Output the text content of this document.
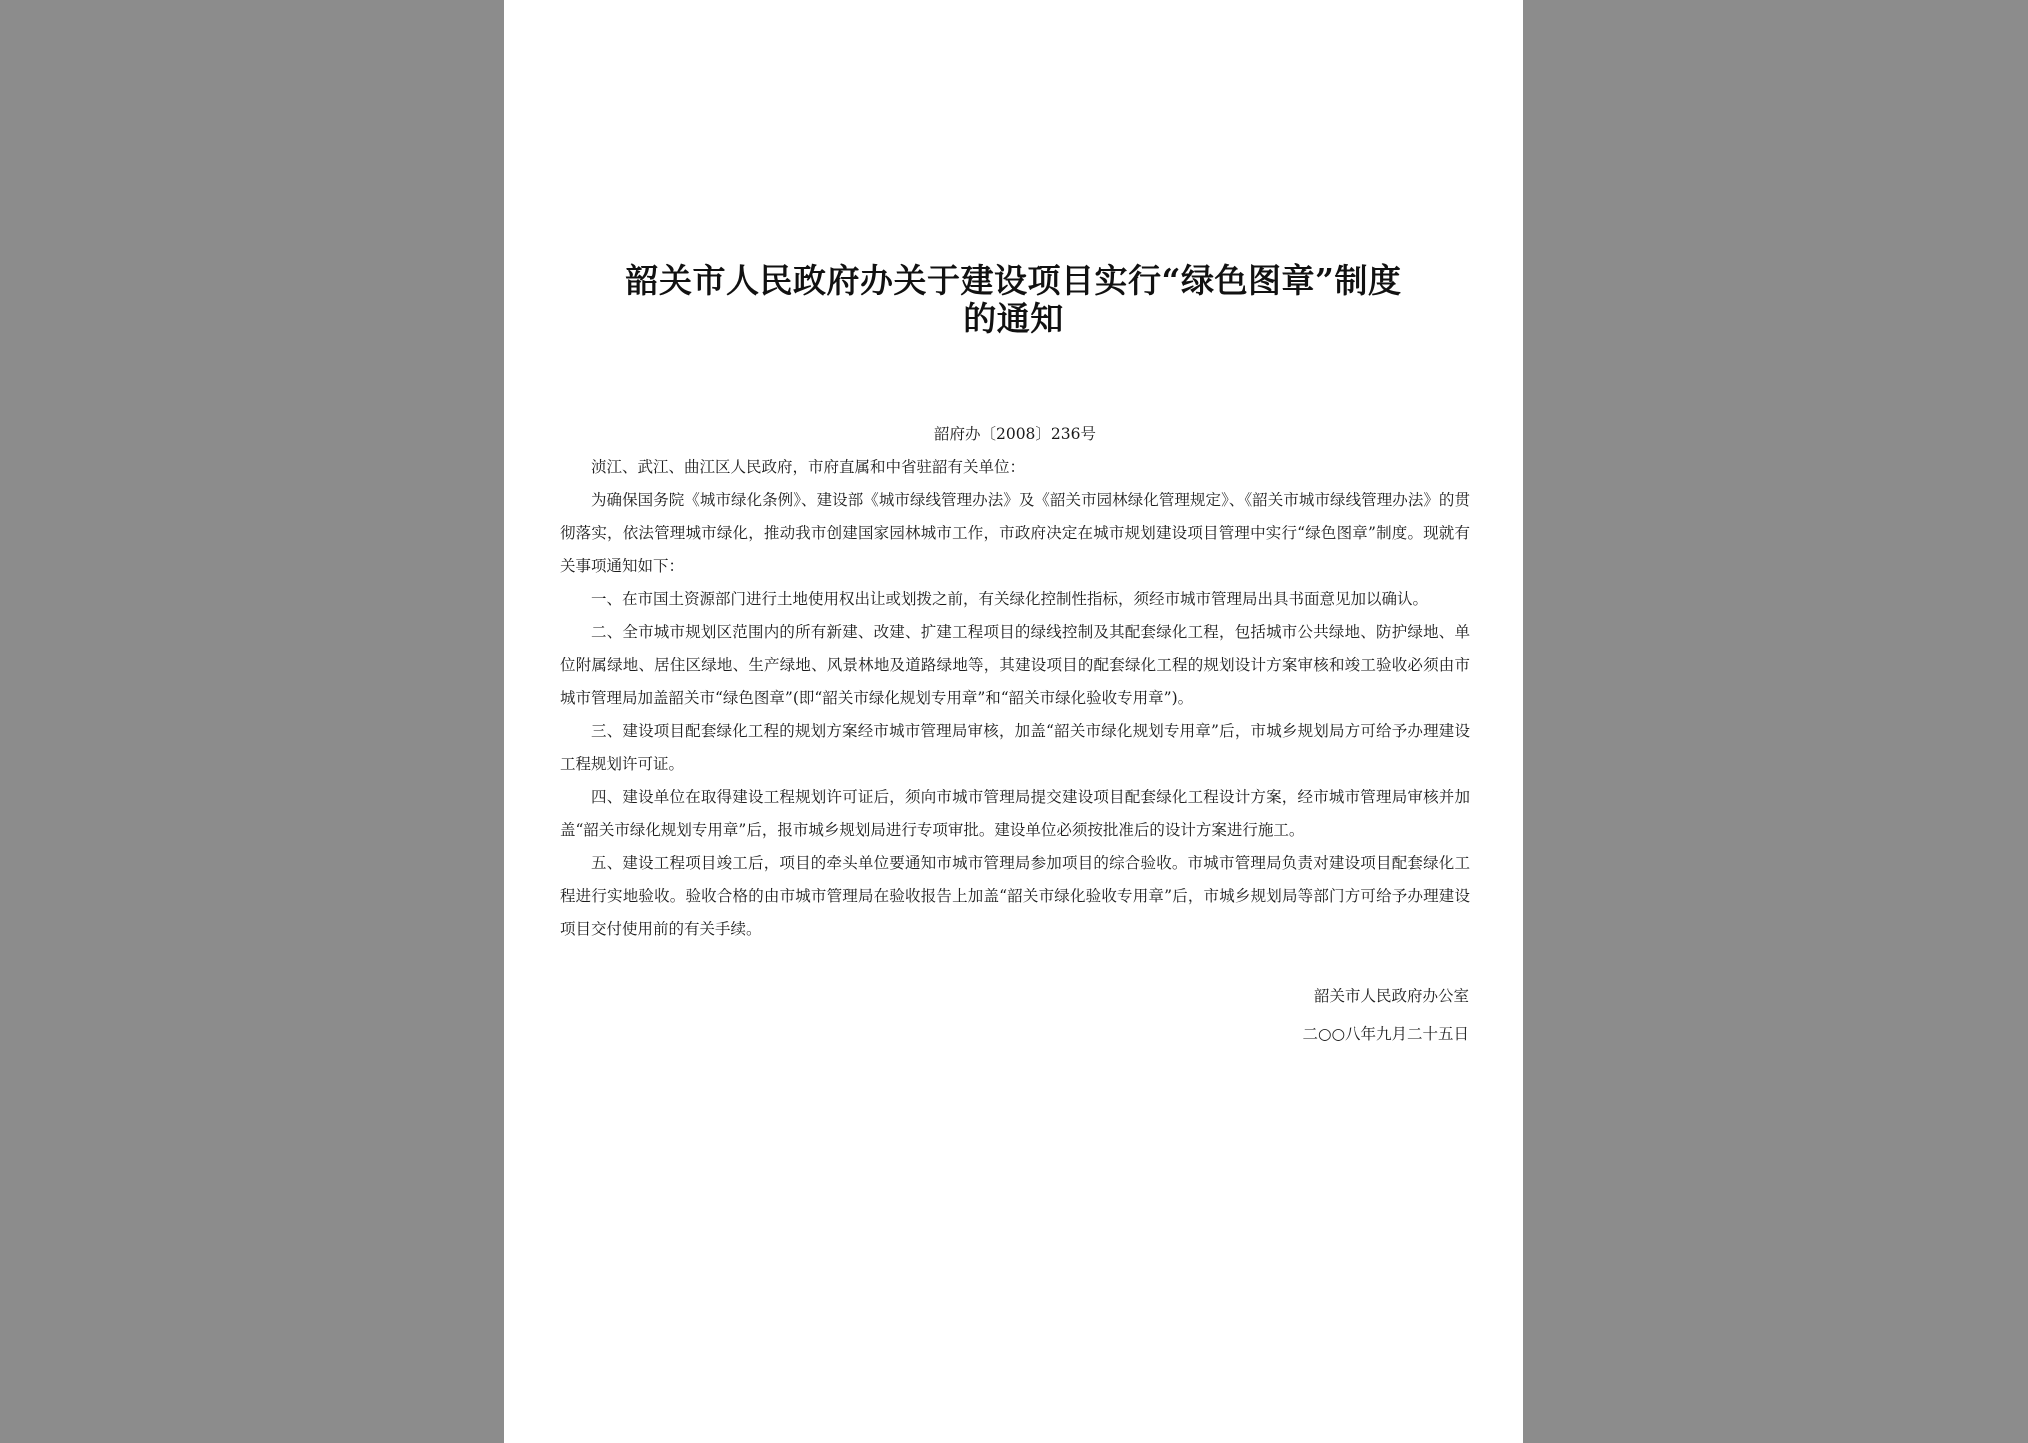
韶关市人民政府办关于建设项目实行“绿色图章”制度
的通知

韶府办〔2008〕236号

浈江、武江、曲江区人民政府，市府直属和中省驻韶有关单位：

为确保国务院《城市绿化条例》、建设部《城市绿线管理办法》及《韶关市园林绿化管理规定》、《韶关市城市绿线管理办法》的贯彻落实，依法管理城市绿化，推动我市创建国家园林城市工作，市政府决定在城市规划建设项目管理中实行“绿色图章”制度。现就有关事项通知如下：

一、在市国土资源部门进行土地使用权出让或划拨之前，有关绿化控制性指标，须经市城市管理局出具书面意见加以确认。

二、全市城市规划区范围内的所有新建、改建、扩建工程项目的绿线控制及其配套绿化工程，包括城市公共绿地、防护绿地、单位附属绿地、居住区绿地、生产绿地、风景林地及道路绿地等，其建设项目的配套绿化工程的规划设计方案审核和竣工验收必须由市城市管理局加盖韶关市“绿色图章”(即“韶关市绿化规划专用章”和“韶关市绿化验收专用章”)。

三、建设项目配套绿化工程的规划方案经市城市管理局审核，加盖“韶关市绿化规划专用章”后，市城乡规划局方可给予办理建设工程规划许可证。

四、建设单位在取得建设工程规划许可证后，须向市城市管理局提交建设项目配套绿化工程设计方案，经市城市管理局审核并加盖“韶关市绿化规划专用章”后，报市城乡规划局进行专项审批。建设单位必须按批准后的设计方案进行施工。

五、建设工程项目竣工后，项目的牵头单位要通知市城市管理局参加项目的综合验收。市城市管理局负责对建设项目配套绿化工程进行实地验收。验收合格的由市城市管理局在验收报告上加盖“韶关市绿化验收专用章”后，市城乡规划局等部门方可给予办理建设项目交付使用前的有关手续。

韶关市人民政府办公室

二○○八年九月二十五日
